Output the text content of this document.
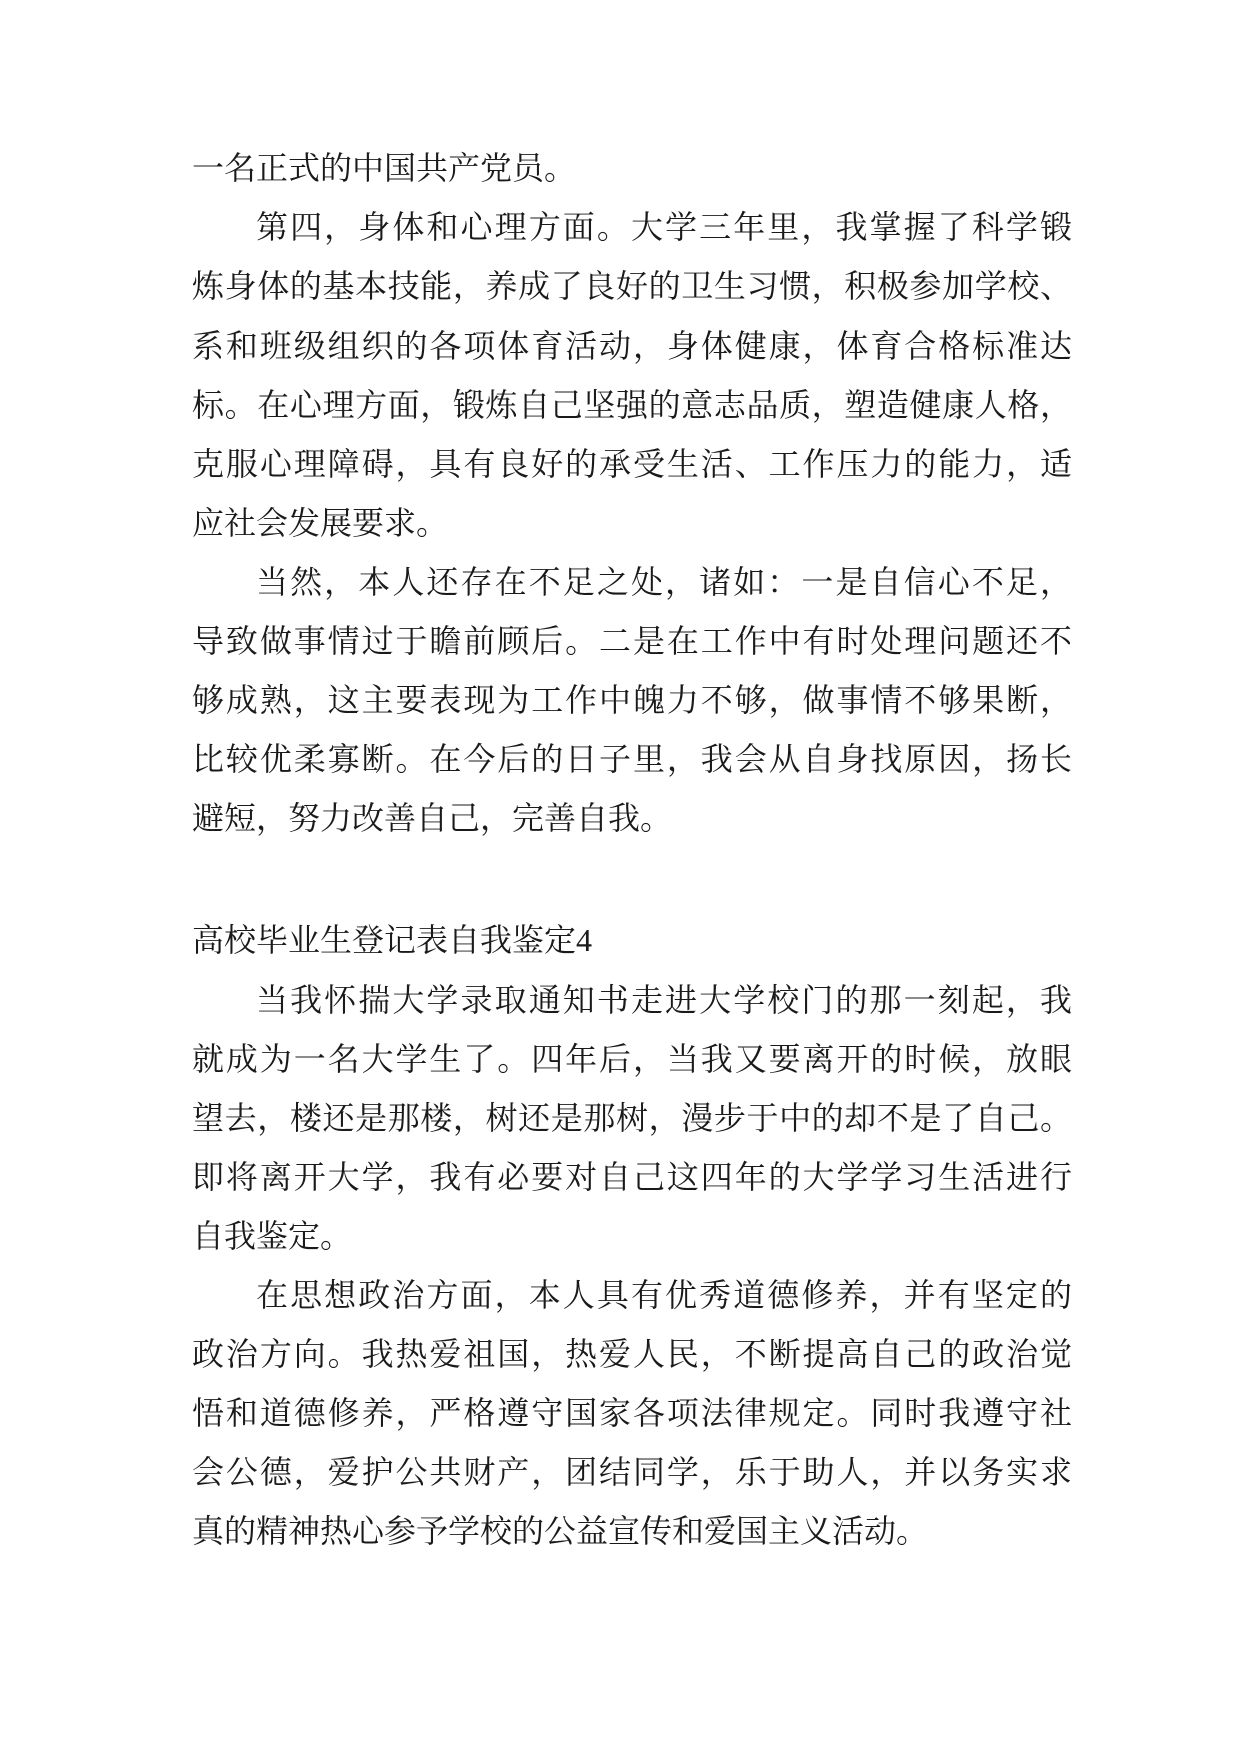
一名正式的中国共产党员。
第四，身体和心理方面。大学三年里，我掌握了科学锻
炼身体的基本技能，养成了良好的卫生习惯，积极参加学校、
系和班级组织的各项体育活动，身体健康，体育合格标准达
标。在心理方面，锻炼自己坚强的意志品质，塑造健康人格，
克服心理障碍，具有良好的承受生活、工作压力的能力，适
应社会发展要求。
当然，本人还存在不足之处，诸如：一是自信心不足，
导致做事情过于瞻前顾后。二是在工作中有时处理问题还不
够成熟，这主要表现为工作中魄力不够，做事情不够果断，
比较优柔寡断。在今后的日子里，我会从自身找原因，扬长
避短，努力改善自己，完善自我。
高校毕业生登记表自我鉴定4
当我怀揣大学录取通知书走进大学校门的那一刻起，我
就成为一名大学生了。四年后，当我又要离开的时候，放眼
望去，楼还是那楼，树还是那树，漫步于中的却不是了自己。
即将离开大学，我有必要对自己这四年的大学学习生活进行
自我鉴定。
在思想政治方面，本人具有优秀道德修养，并有坚定的
政治方向。我热爱祖国，热爱人民，不断提高自己的政治觉
悟和道德修养，严格遵守国家各项法律规定。同时我遵守社
会公德，爱护公共财产，团结同学，乐于助人，并以务实求
真的精神热心参予学校的公益宣传和爱国主义活动。
